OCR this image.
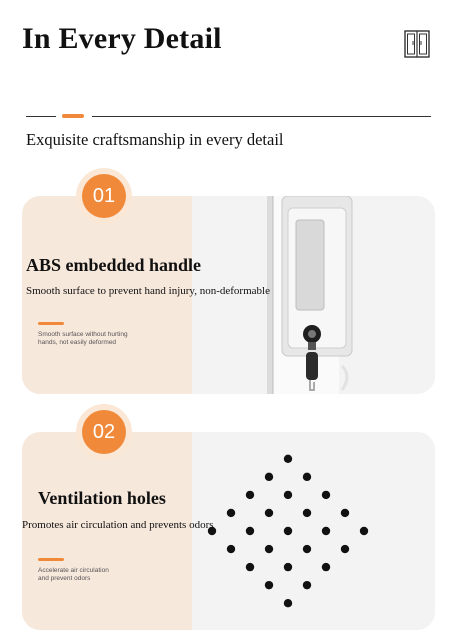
In Every Detail
Exquisite craftsmanship in every detail
01
ABS embedded handle
Smooth surface to prevent hand injury, non-deformable
Smooth surface without hurting
hands, not easily deformed
02
Ventilation holes
Promotes air circulation and prevents odors
Accelerate air circulation
and prevent odors
